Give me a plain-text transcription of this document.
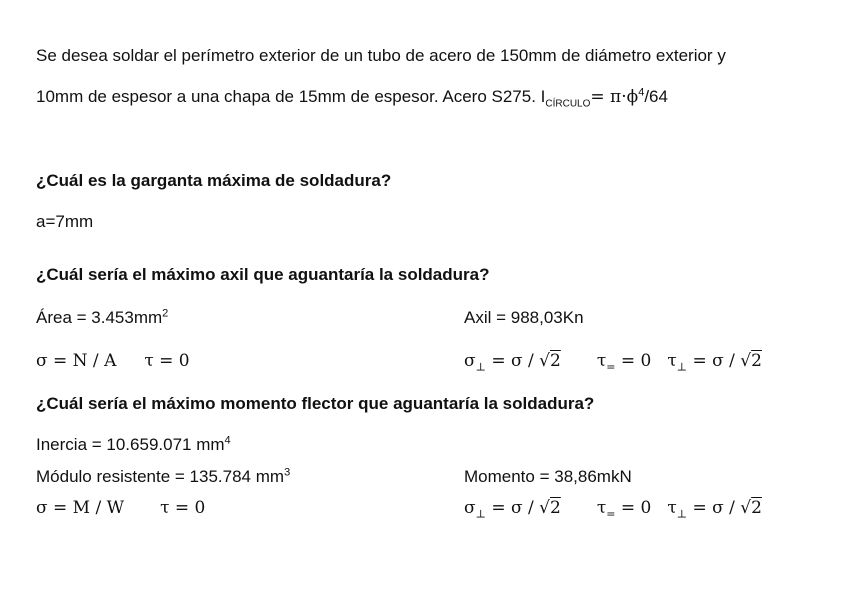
Se desea soldar el perímetro exterior de un tubo de acero de 150mm de diámetro exterior y
10mm de espesor a una chapa de 15mm de espesor. Acero S275. $I_{CÍRCULO}= \pi\cdot\phi^4/64$
¿Cuál es la garganta máxima de soldadura?
a=7mm
¿Cuál sería el máximo axil que aguantaría la soldadura?
Área = $3.453mm^2$	Axil = 988,03Kn
σ = N / A τ = 0	$\sigma_\perp = \sigma / √2$ $\tau_= = 0$ $\tau_\perp = \sigma / √2$
¿Cuál sería el máximo momento flector que aguantaría la soldadura?
Inercia = 10.659.071 $mm^4$
Módulo resistente = 135.784 $mm^3$	Momento = 38,86mkN
σ = M / W τ = 0	$\sigma_\perp = \sigma / √2$ $\tau_= = 0$ $\tau_\perp = \sigma / √2$
